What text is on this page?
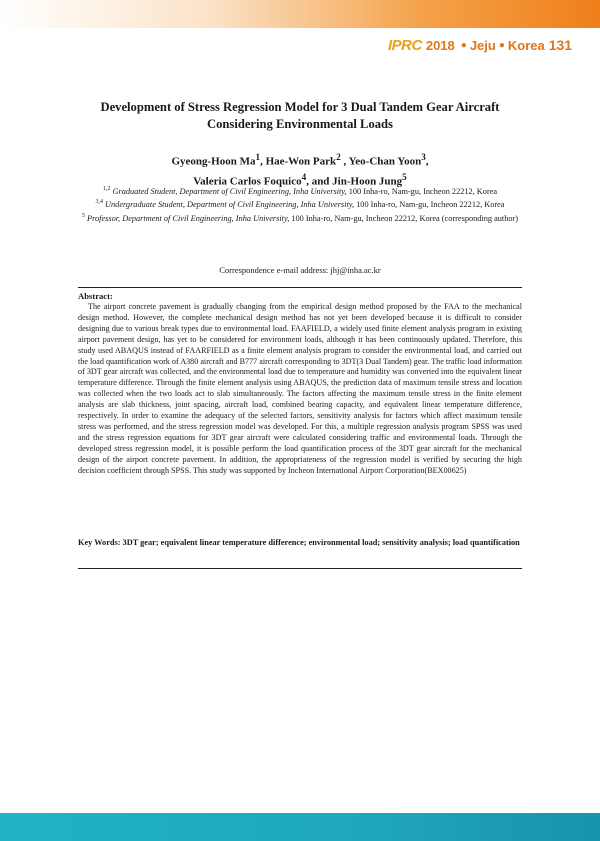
IPRC 2018 ● Jeju ● Korea 131
Development of Stress Regression Model for 3 Dual Tandem Gear Aircraft
Considering Environmental Loads
Gyeong-Hoon Ma$^1$, Hae-Won Park$^2$ , Yeo-Chan Yoon$^3$,
Valeria Carlos Foquico$^4$, and Jin-Hoon Jung$^5$

$^{1,2}$ Graduated Student, Department of Civil Engineering, Inha University, 100 Inha-ro, Nam-gu, Incheon 22212, Korea

$^{3,4}$ Undergraduate Student, Department of Civil Engineering, Inha University, 100 Inha-ro, Nam-gu, Incheon 22212, Korea

$^5$ Professor, Department of Civil Engineering, Inha University, 100 Inha-ro, Nam-gu, Incheon 22212, Korea (corresponding author)

Correspondence e-mail address: jhj@inha.ac.kr
Abstract:
The airport concrete pavement is gradually changing from the empirical design method proposed by the FAA to the mechanical design method. However, the complete mechanical design method has not yet been developed because it is difficult to consider designing due to various break types due to environmental load. FAAFIELD, a widely used finite element analysis program in existing airport pavement design, has yet to be considered for environment loads, although it has been continuously updated. Therefore, this study used ABAQUS instead of FAARFIELD as a finite element analysis program to consider the environmental load, and carried out the load quantification work of A380 aircraft and B777 aircraft corresponding to 3DT(3 Dual Tandem) gear. The traffic load information of 3DT gear aircraft was collected, and the environmental load due to temperature and humidity was converted into the equivalent linear temperature difference. Through the finite element analysis using ABAQUS, the prediction data of maximum tensile stress and location was collected when the two loads act to slab simultaneously. The factors affecting the maximum tensile stress in the finite element analysis are slab thickness, joint spacing, aircraft load, combined bearing capacity, and equivalent linear temperature difference, respectively. In order to examine the adequacy of the selected factors, sensitivity analysis for factors which affect maximum tensile stress was performed, and the stress regression model was developed. For this, a multiple regression analysis program SPSS was used and the stress regression equations for 3DT gear aircraft were calculated considering traffic and environmental loads. Through the developed stress regression model, it is possible perform the load quantification process of the 3DT gear aircraft for the mechanical design of the airport concrete pavement. In addition, the appropriateness of the regression model is verified by securing the high decision coefficient through SPSS. This study was supported by Incheon International Airport Corporation(BEX00625)
Key Words: 3DT gear; equivalent linear temperature difference; environmental load; sensitivity analysis; load quantification
